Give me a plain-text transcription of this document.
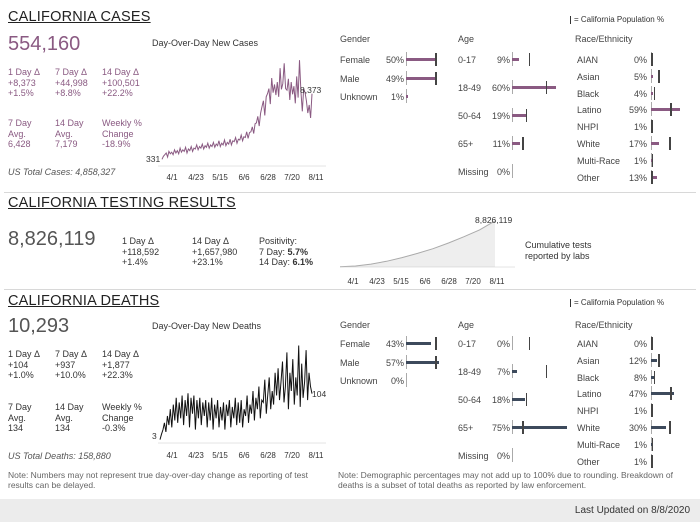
CALIFORNIA CASES
554,160
1 Day Δ
+8,373
+1.5%
7 Day Δ
+44,998
+8.8%
14 Day Δ
+100,501
+22.2%
7 Day
Avg.
6,428
14 Day
Avg.
7,179
Weekly %
Change
-18.9%
US Total Cases: 4,858,327
Day-Over-Day New Cases
331
8,373
4/1 4/23 5/15 6/6 6/28 7/20 8/11
= California Population %
Gender	Age	Race/Ethnicity
Female	50%
Male	49%
Unknown	1%
0-17	9%
18-49	60%
50-64	19%
65+	11%
Missing 0%
AIAN	0%
Asian	5%
Black	4%
Latino	59%
NHPI	1%
White	17%
Multi-Race	1%
Other	13%
CALIFORNIA TESTING RESULTS
8,826,119	1 Day Δ
+118,592
+1.4%
14 Day Δ
+1,657,980
+23.1%
Positivity:
7 Day: 5.7%
14 Day: 6.1%
8,826,119
4/1 4/23 5/15 6/6 6/28 7/20 8/11
Cumulative tests
reported by labs
CALIFORNIA DEATHS
10,293
1 Day Δ
+104
+1.0%
7 Day Δ
+937
+10.0%
14 Day Δ
+1,877
+22.3%
7 Day
Avg.
134
14 Day
Avg.
134
Weekly %
Change
-0.3%
US Total Deaths: 158,880
Day-Over-Day New Deaths
3
104
4/1 4/23 5/15 6/6 6/28 7/20 8/11
= California Population %
Gender	Age	Race/Ethnicity
Female	43%
Male	57%
Unknown	0%
0-17	0%
18-49	7%
50-64	18%
65+	75%
Missing 0%
AIAN	0%
Asian	12%
Black	8%
Latino	47%
NHPI	1%
White	30%
Multi-Race	1%
Other	1%
Note: Numbers may not represent true day-over-day change as reporting of test results can be delayed.
Note: Demographic percentages may not add up to 100% due to rounding. Breakdown of deaths is a subset of total deaths as reported by law enforcement.
Last Updated on 8/8/2020
